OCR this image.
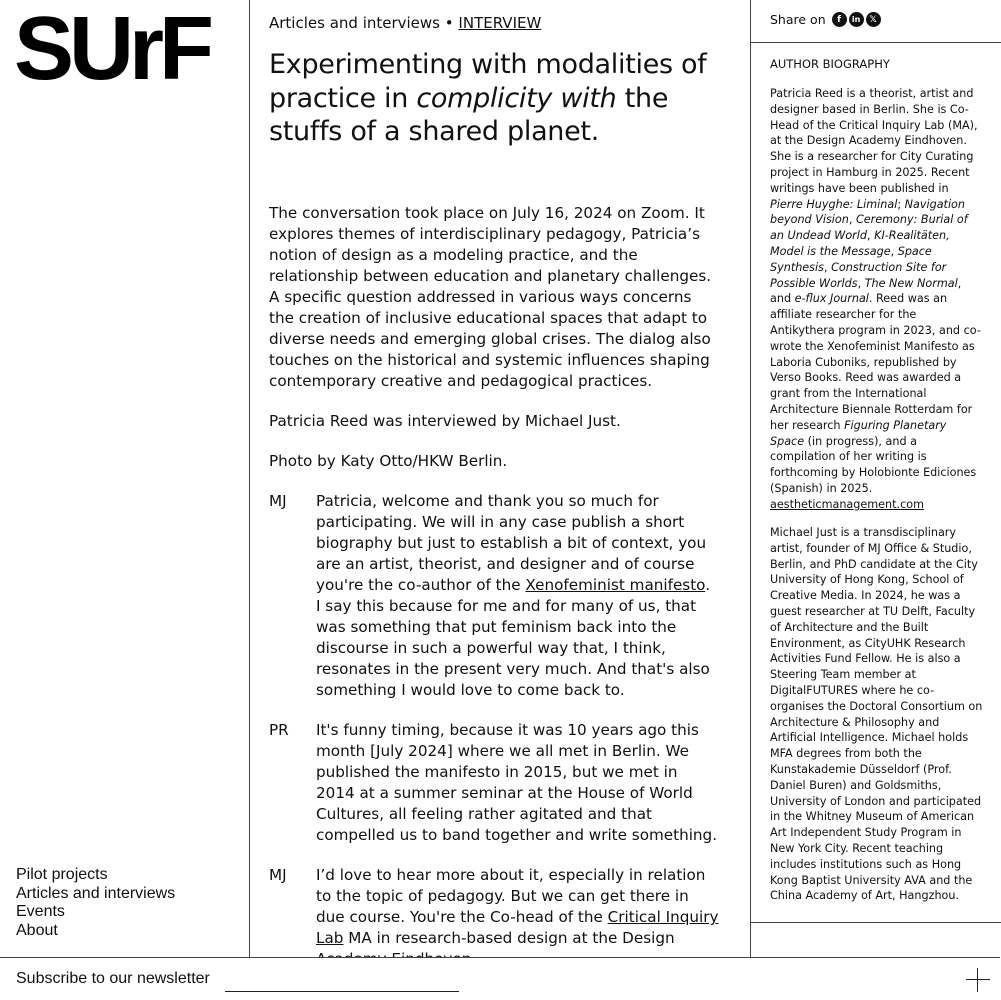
SUrF
Pilot projects
Articles and interviews
Events
About
Articles and interviews • INTERVIEW
Experimenting with modalities of practice in complicity with the stuffs of a shared planet.

The conversation took place on July 16, 2024 on Zoom. It explores themes of interdisciplinary pedagogy, Patricia’s notion of design as a modeling practice, and the relationship between education and planetary challenges. A specific question addressed in various ways concerns the creation of inclusive educational spaces that adapt to diverse needs and emerging global crises. The dialog also touches on the historical and systemic influences shaping contemporary creative and pedagogical practices.

Patricia Reed was interviewed by Michael Just.

Photo by Katy Otto/HKW Berlin.

MJ	Patricia, welcome and thank you so much for participating. We will in any case publish a short biography but just to establish a bit of context, you are an artist, theorist, and designer and of course you're the co-author of the Xenofeminist manifesto. I say this because for me and for many of us, that was something that put feminism back into the discourse in such a powerful way that, I think, resonates in the present very much. And that's also something I would love to come back to.
PR	It's funny timing, because it was 10 years ago this month [July 2024] where we all met in Berlin. We published the manifesto in 2015, but we met in 2014 at a summer seminar at the House of World Cultures, all feeling rather agitated and that compelled us to band together and write something.
MJ	I’d love to hear more about it, especially in relation to the topic of pedagogy. But we can get there in due course. You're the Co-head of the Critical Inquiry Lab MA in research-based design at the Design
Share on	f	in	𝕏
AUTHOR BIOGRAPHY
Patricia Reed is a theorist, artist and designer based in Berlin. She is Co-Head of the Critical Inquiry Lab (MA), at the Design Academy Eindhoven. She is a researcher for City Curating project in Hamburg in 2025. Recent writings have been published in Pierre Huyghe: Liminal; Navigation beyond Vision, Ceremony: Burial of an Undead World, KI-Realitäten, Model is the Message, Space Synthesis, Construction Site for Possible Worlds, The New Normal, and e-flux Journal. Reed was an affiliate researcher for the Antikythera program in 2023, and co-wrote the Xenofeminist Manifesto as Laboria Cuboniks, republished by Verso Books. Reed was awarded a grant from the International Architecture Biennale Rotterdam for her research Figuring Planetary Space (in progress), and a compilation of her writing is forthcoming by Holobionte Ediciones (Spanish) in 2025. aestheticmanagement.com
Michael Just is a transdisciplinary artist, founder of MJ Office & Studio, Berlin, and PhD candidate at the City University of Hong Kong, School of Creative Media. In 2024, he was a guest researcher at TU Delft, Faculty of Architecture and the Built Environment, as CityUHK Research Activities Fund Fellow. He is also a Steering Team member at DigitalFUTURES where he co-organises the Doctoral Consortium on Architecture & Philosophy and Artificial Intelligence. Michael holds MFA degrees from both the Kunstakademie Düsseldorf (Prof. Daniel Buren) and Goldsmiths, University of London and participated in the Whitney Museum of American Art Independent Study Program in New York City. Recent teaching includes institutions such as Hong Kong Baptist University AVA and the China Academy of Art, Hangzhou.
Subscribe to our newsletter
